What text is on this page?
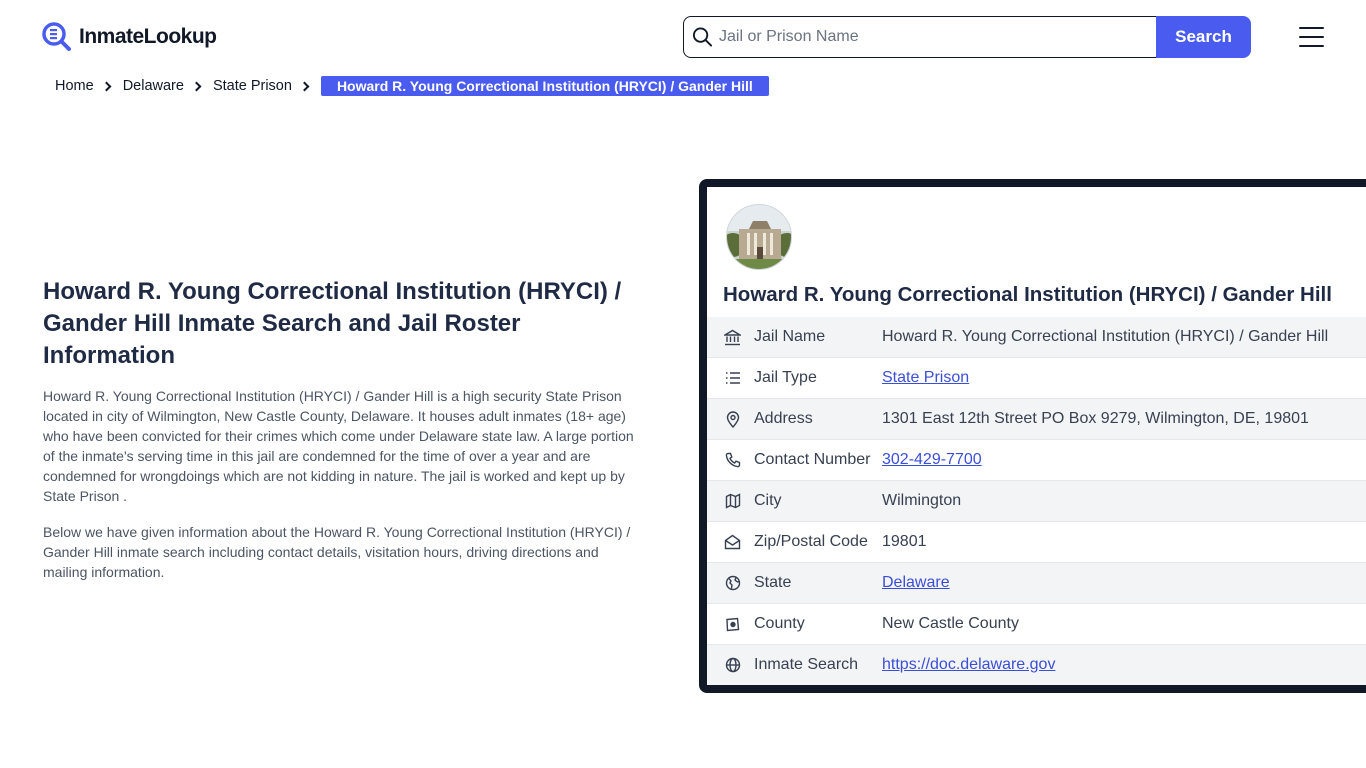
InmateLookup
Jail or Prison Name	Search
Home Delaware State Prison	Howard R. Young Correctional Institution (HRYCI) / Gander Hill
Howard R. Young Correctional Institution (HRYCI) / Gander Hill Inmate Search and Jail Roster Information

Howard R. Young Correctional Institution (HRYCI) / Gander Hill is a high security State Prison located in city of Wilmington, New Castle County, Delaware. It houses adult inmates (18+ age) who have been convicted for their crimes which come under Delaware state law. A large portion of the inmate's serving time in this jail are condemned for the time of over a year and are condemned for wrongdoings which are not kidding in nature. The jail is worked and kept up by State Prison .

Below we have given information about the Howard R. Young Correctional Institution (HRYCI) / Gander Hill inmate search including contact details, visitation hours, driving directions and mailing information.

Howard R. Young Correctional Institution (HRYCI) / Gander Hill
Jail Name	Howard R. Young Correctional Institution (HRYCI) / Gander Hill
Jail Type	State Prison
Address	1301 East 12th Street PO Box 9279, Wilmington, DE, 19801
Contact Number 302-429-7700
City	Wilmington
Zip/Postal Code 19801
State	Delaware
County	New Castle County
Inmate Search	https://doc.delaware.gov
